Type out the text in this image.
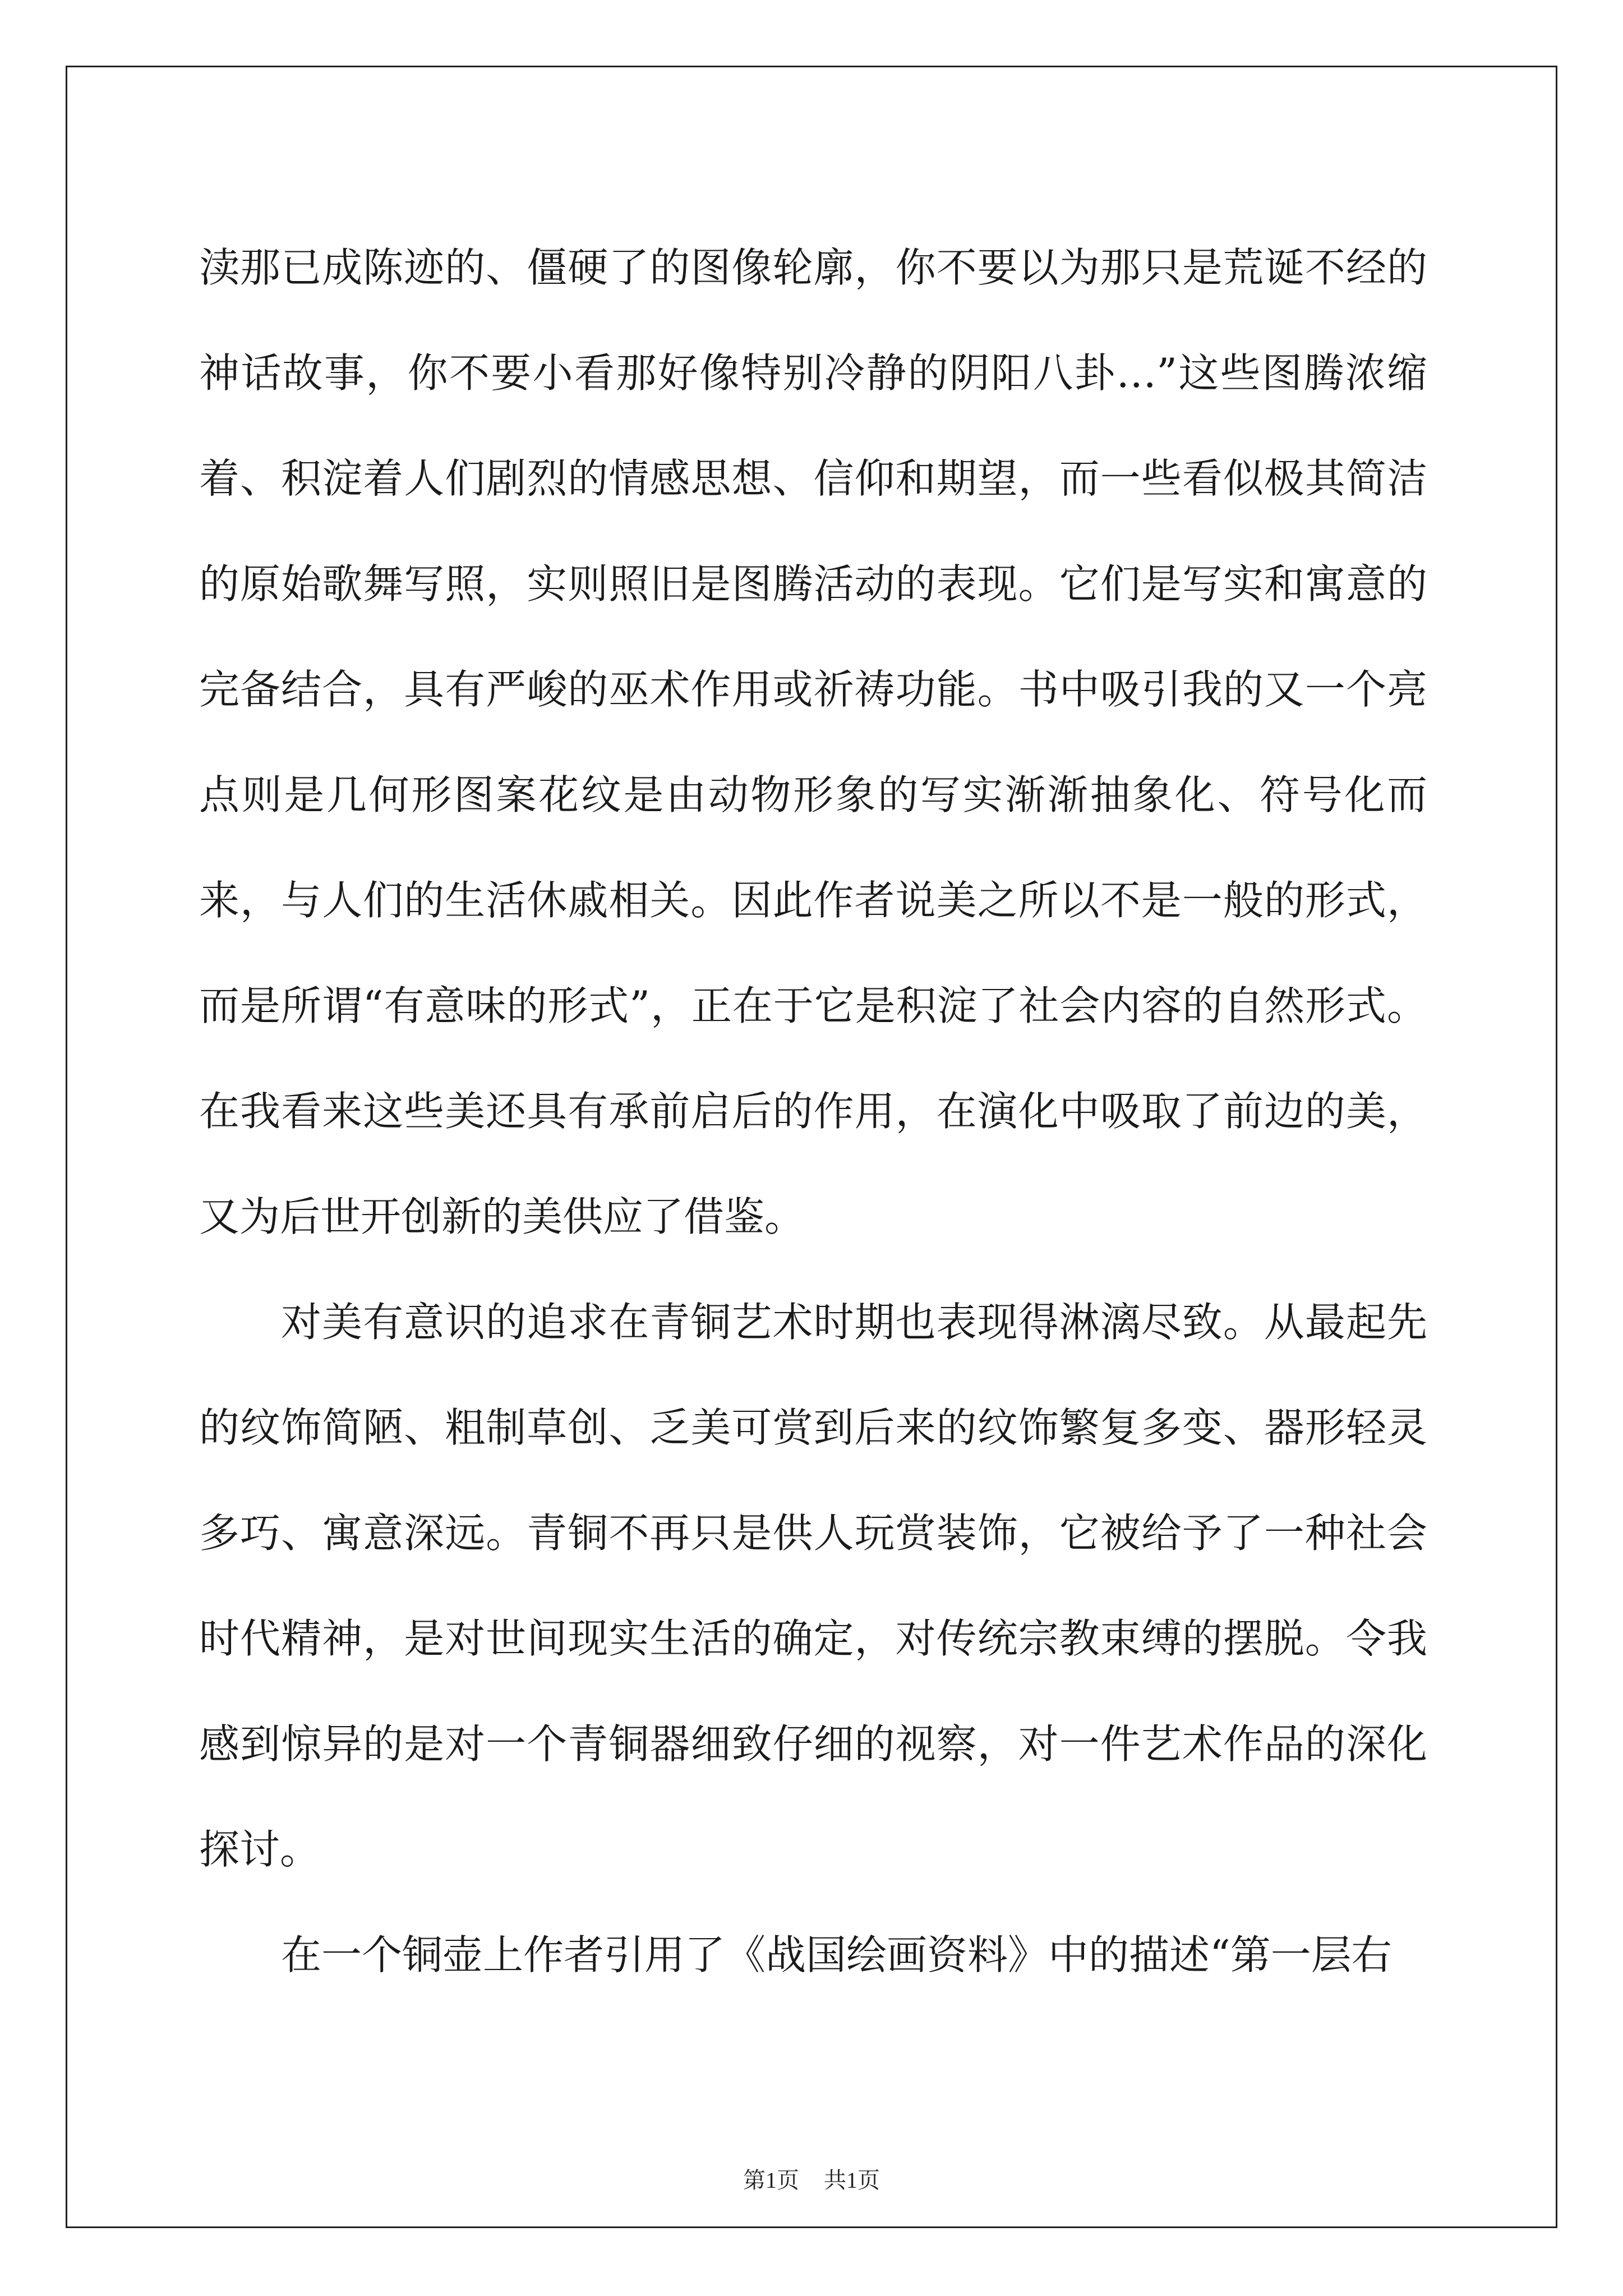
渎那已成陈迹的、僵硬了的图像轮廓，你不要以为那只是荒诞不经的神话故事，你不要小看那好像特别冷静的阴阳八卦…”这些图腾浓缩着、积淀着人们剧烈的情感思想、信仰和期望，而一些看似极其简洁的原始歌舞写照，实则照旧是图腾活动的表现。它们是写实和寓意的完备结合，具有严峻的巫术作用或祈祷功能。书中吸引我的又一个亮点则是几何形图案花纹是由动物形象的写实渐渐抽象化、符号化而来，与人们的生活休戚相关。因此作者说美之所以不是一般的形式，而是所谓“有意味的形式”，正在于它是积淀了社会内容的自然形式。在我看来这些美还具有承前启后的作用，在演化中吸取了前边的美，又为后世开创新的美供应了借鉴。

对美有意识的追求在青铜艺术时期也表现得淋漓尽致。从最起先的纹饰简陋、粗制草创、乏美可赏到后来的纹饰繁复多变、器形轻灵多巧、寓意深远。青铜不再只是供人玩赏装饰，它被给予了一种社会时代精神，是对世间现实生活的确定，对传统宗教束缚的摆脱。令我感到惊异的是对一个青铜器细致仔细的视察，对一件艺术作品的深化探讨。

在一个铜壶上作者引用了《战国绘画资料》中的描述“第一层右

第1页 共1页
